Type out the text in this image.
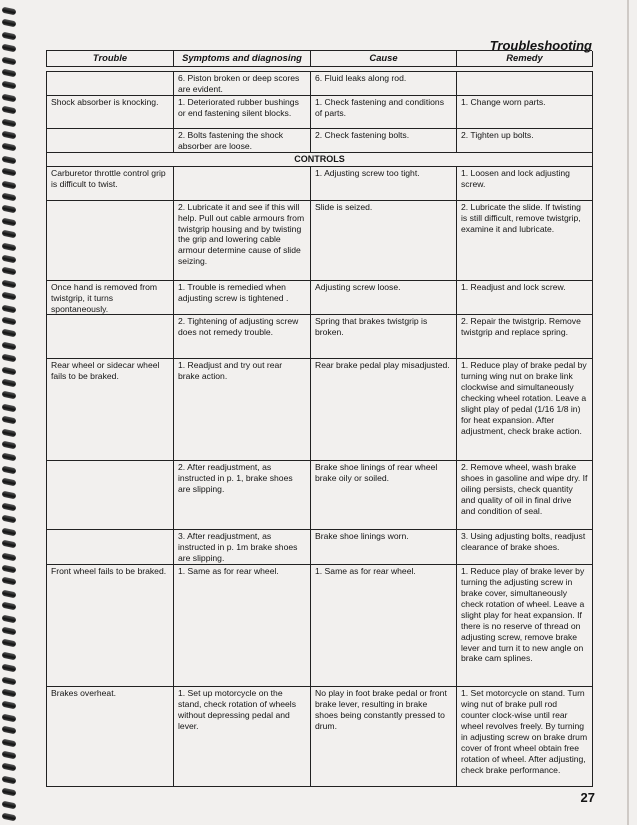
Troubleshooting
Trouble	Symptoms and diagnosing	Cause	Remedy

	6. Piston broken or deep scores are evident.	6. Fluid leaks along rod.	
Shock absorber is knocking.	1. Deteriorated rubber bushings or end fastening silent blocks.	1. Check fastening and conditions of parts.	1. Change worn parts.
	2. Bolts fastening the shock absorber are loose.	2. Check fastening bolts.	2. Tighten up bolts.
CONTROLS			
Carburetor throttle control grip is difficult to twist.		1. Adjusting screw too tight.	1. Loosen and lock adjusting screw.
	2. Lubricate it and see if this will help. Pull out cable armours from twistgrip housing and by twisting the grip and lowering cable armour determine cause of slide seizing.	Slide is seized.	2. Lubricate the slide. If twisting is still difficult, remove twistgrip, examine it and lubricate.
Once hand is removed from twistgrip, it turns spontaneously.	1. Trouble is remedied when adjusting screw is tightened .	Adjusting screw loose.	1. Readjust and lock screw.
	2. Tightening of adjusting screw does not remedy trouble.	Spring that brakes twistgrip is broken.	2. Repair the twistgrip. Remove twistgrip and replace spring.
Rear wheel or sidecar wheel fails to be braked.	1. Readjust and try out rear brake action.	Rear brake pedal play misadjusted.	1. Reduce play of brake pedal by turning wing nut on brake link clockwise and simultaneously checking wheel rotation. Leave a slight play of pedal (1/16 1/8 in) for heat expansion. After adjustment, check brake action.
	2. After readjustment, as instructed in p. 1, brake shoes are slipping.	Brake shoe linings of rear wheel brake oily or soiled.	2. Remove wheel, wash brake shoes in gasoline and wipe dry. If oiling persists, check quantity and quality of oil in final drive and condition of seal.
	3. After readjustment, as instructed in p. 1m brake shoes are slipping.	Brake shoe linings worn.	3. Using adjusting bolts, readjust clearance of brake shoes.
Front wheel fails to be braked.	1. Same as for rear wheel.	1. Same as for rear wheel.	1. Reduce play of brake lever by turning the adjusting screw in brake cover, simultaneously check rotation of wheel. Leave a slight play for heat expansion. If there is no reserve of thread on adjusting screw, remove brake lever and turn it to new angle on brake cam splines.
Brakes overheat.	1. Set up motorcycle on the stand, check rotation of wheels without depressing pedal and lever.	No play in foot brake pedal or front brake lever, resulting in brake shoes being constantly pressed to drum.	1. Set motorcycle on stand. Turn wing nut of brake pull rod counter clock-wise until rear wheel revolves freely. By turning in adjusting screw on brake drum cover of front wheel obtain free rotation of wheel. After adjusting, check brake performance.
27
